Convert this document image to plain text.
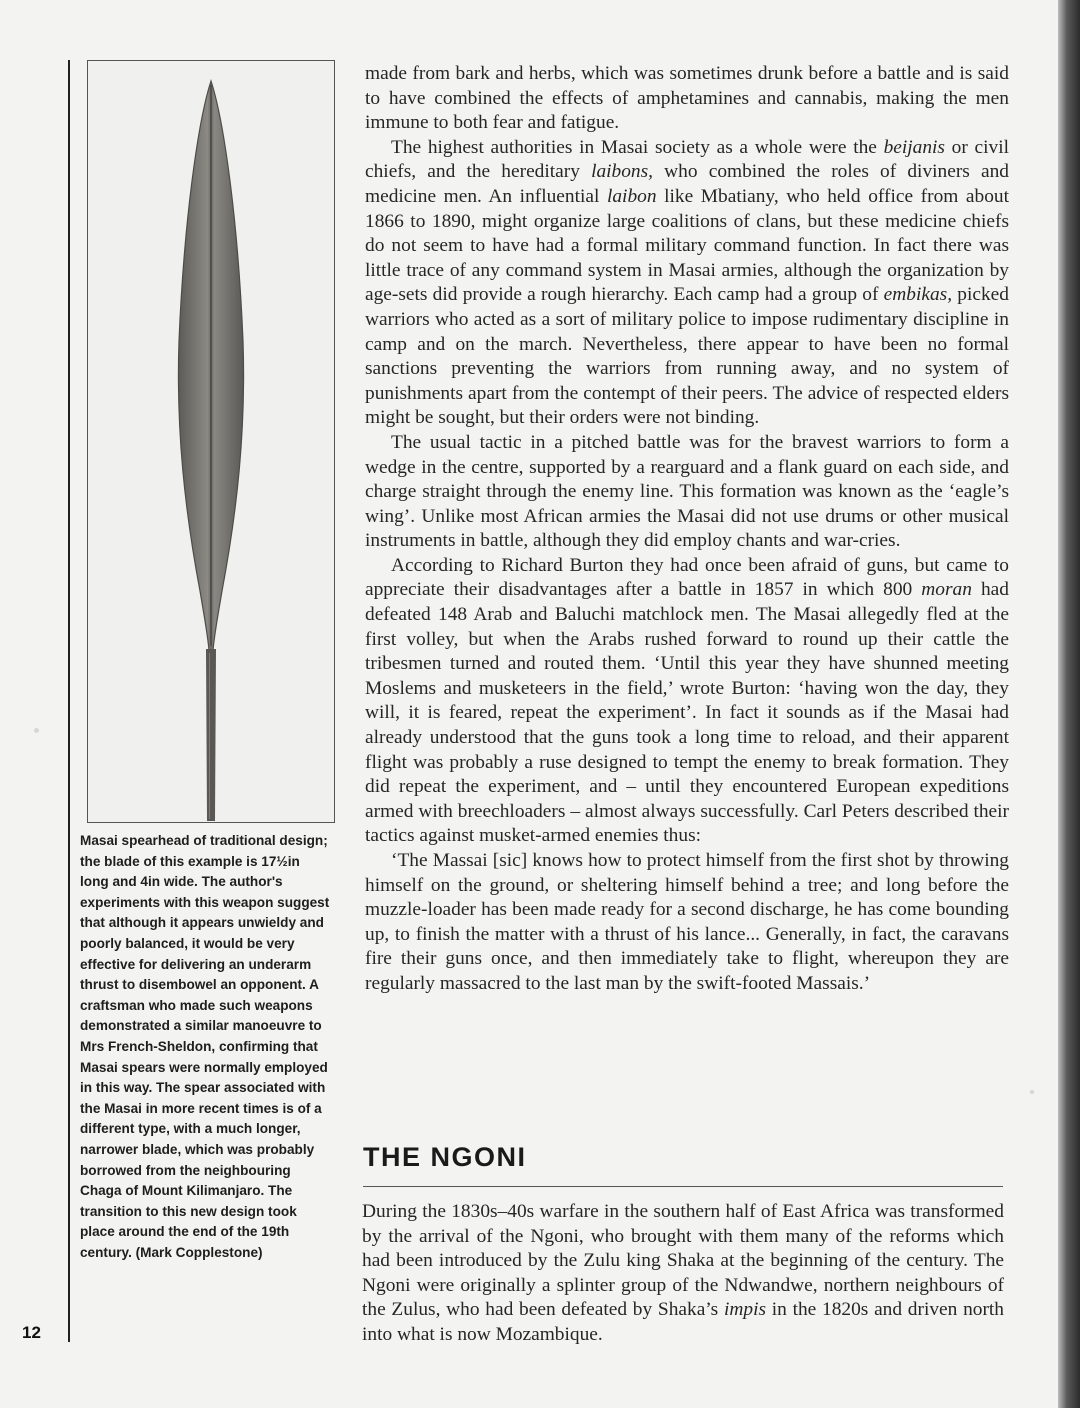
Masai spearhead of traditional design; the blade of this example is 17½in long and 4in wide. The author's experiments with this weapon suggest that although it appears unwieldy and poorly balanced, it would be very effective for delivering an underarm thrust to disembowel an opponent. A craftsman who made such weapons demonstrated a similar manoeuvre to Mrs French-Sheldon, confirming that Masai spears were normally employed in this way. The spear associated with the Masai in more recent times is of a different type, with a much longer, narrower blade, which was probably borrowed from the neighbouring Chaga of Mount Kilimanjaro. The transition to this new design took place around the end of the 19th century. (Mark Copplestone)

12

made from bark and herbs, which was sometimes drunk before a battle and is said to have combined the effects of amphetamines and cannabis, making the men immune to both fear and fatigue.

The highest authorities in Masai society as a whole were the beijanis or civil chiefs, and the hereditary laibons, who combined the roles of diviners and medicine men. An influential laibon like Mbatiany, who held office from about 1866 to 1890, might organize large coalitions of clans, but these medicine chiefs do not seem to have had a formal military command function. In fact there was little trace of any command system in Masai armies, although the organization by age-sets did provide a rough hierarchy. Each camp had a group of embikas, picked warriors who acted as a sort of military police to impose rudimentary discipline in camp and on the march. Nevertheless, there appear to have been no formal sanctions preventing the warriors from running away, and no system of punishments apart from the contempt of their peers. The advice of respected elders might be sought, but their orders were not binding.

The usual tactic in a pitched battle was for the bravest warriors to form a wedge in the centre, supported by a rearguard and a flank guard on each side, and charge straight through the enemy line. This formation was known as the ‘eagle’s wing’. Unlike most African armies the Masai did not use drums or other musical instruments in battle, although they did employ chants and war-cries.

According to Richard Burton they had once been afraid of guns, but came to appreciate their disadvantages after a battle in 1857 in which 800 moran had defeated 148 Arab and Baluchi matchlock men. The Masai allegedly fled at the first volley, but when the Arabs rushed forward to round up their cattle the tribesmen turned and routed them. ‘Until this year they have shunned meeting Moslems and musketeers in the field,’ wrote Burton: ‘having won the day, they will, it is feared, repeat the experiment’. In fact it sounds as if the Masai had already understood that the guns took a long time to reload, and their apparent flight was probably a ruse designed to tempt the enemy to break formation. They did repeat the experiment, and – until they encountered European expeditions armed with breechloaders – almost always successfully. Carl Peters described their tactics against musket-armed enemies thus:

‘The Massai [sic] knows how to protect himself from the first shot by throwing himself on the ground, or sheltering himself behind a tree; and long before the muzzle-loader has been made ready for a second discharge, he has come bounding up, to finish the matter with a thrust of his lance... Generally, in fact, the caravans fire their guns once, and then immediately take to flight, whereupon they are regularly massacred to the last man by the swift-footed Massais.’

THE NGONI

During the 1830s–40s warfare in the southern half of East Africa was transformed by the arrival of the Ngoni, who brought with them many of the reforms which had been introduced by the Zulu king Shaka at the beginning of the century. The Ngoni were originally a splinter group of the Ndwandwe, northern neighbours of the Zulus, who had been defeated by Shaka’s impis in the 1820s and driven north into what is now Mozambique.
